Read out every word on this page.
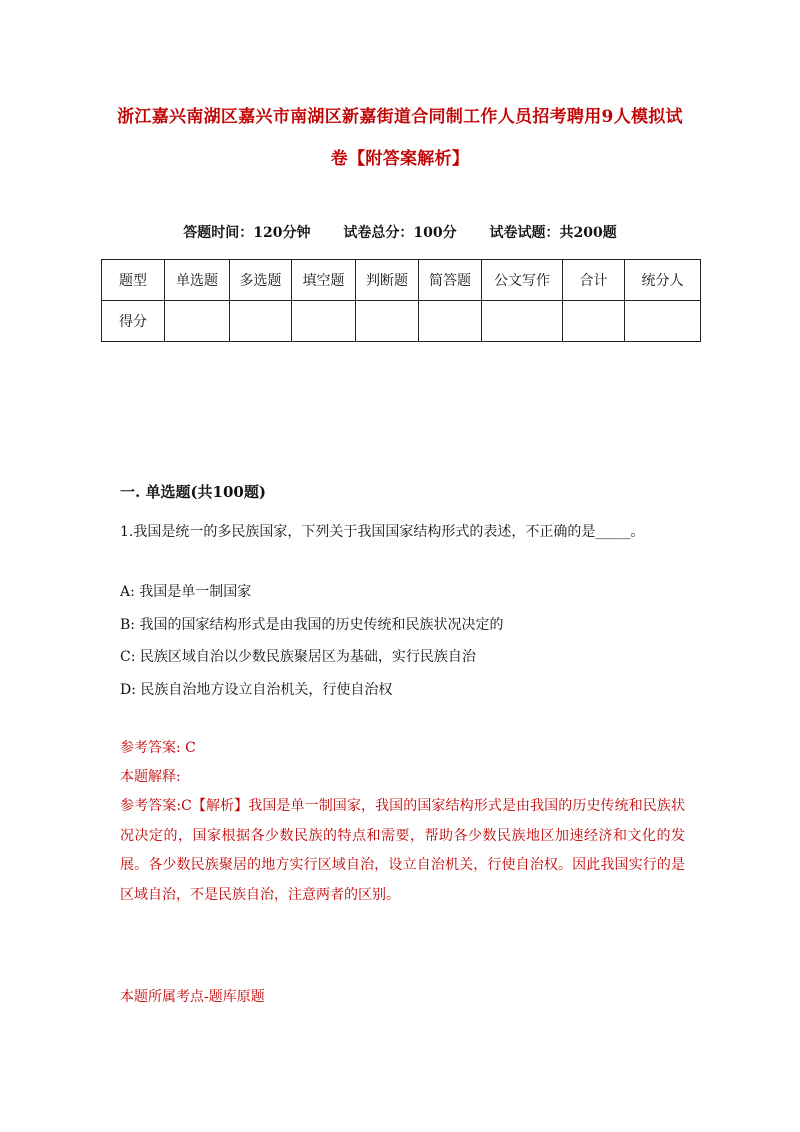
浙江嘉兴南湖区嘉兴市南湖区新嘉街道合同制工作人员招考聘用9人模拟试卷【附答案解析】
答题时间：120分钟 试卷总分：100分 试卷试题：共200题
题型	单选题	多选题	填空题	判断题	简答题	公文写作	合计	统分人
得分								
一. 单选题(共100题)
1.我国是统一的多民族国家，下列关于我国国家结构形式的表述，不正确的是_____。
A: 我国是单一制国家
B: 我国的国家结构形式是由我国的历史传统和民族状况决定的
C: 民族区域自治以少数民族聚居区为基础，实行民族自治
D: 民族自治地方设立自治机关，行使自治权
参考答案: C
本题解释:
参考答案:C【解析】我国是单一制国家，我国的国家结构形式是由我国的历史传统和民族状况决定的，国家根据各少数民族的特点和需要，帮助各少数民族地区加速经济和文化的发展。各少数民族聚居的地方实行区域自治，设立自治机关，行使自治权。因此我国实行的是区域自治，不是民族自治，注意两者的区别。
本题所属考点-题库原题
